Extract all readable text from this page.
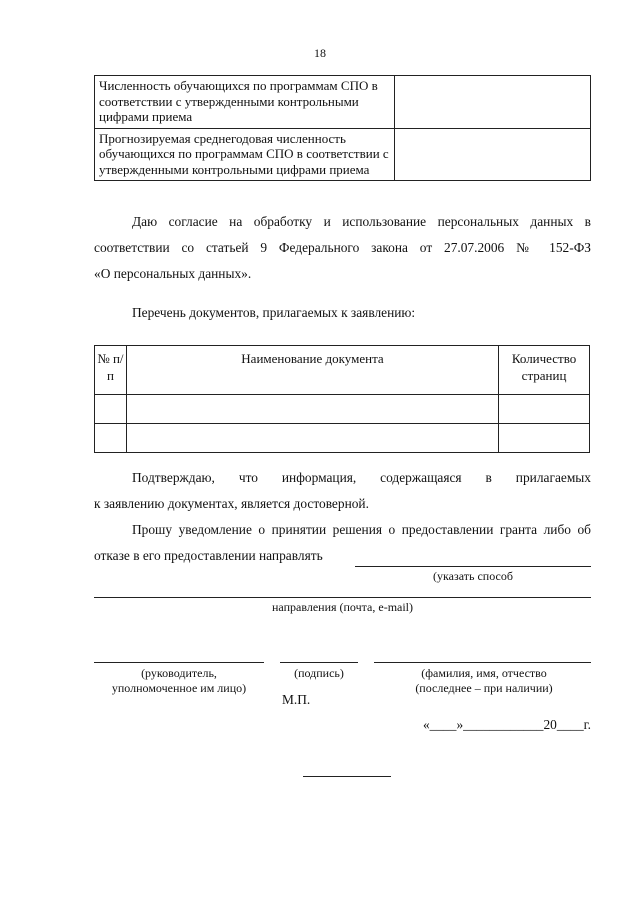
18
Численность обучающихся по программам СПО в соответствии с утвержденными контрольными цифрами приема	
Прогнозируемая среднегодовая численность обучающихся по программам СПО в соответствии с утвержденными контрольными цифрами приема	
Даю согласие на обработку и использование персональных данных в
соответствии со статьей 9 Федерального закона от 27.07.2006 № 152-ФЗ
«О персональных данных».
Перечень документов, прилагаемых к заявлению:
№ п/п	Наименование документа	Количество страниц

Подтверждаю, что информация, содержащаяся в прилагаемых
к заявлению документах, является достоверной.
Прошу уведомление о принятии решения о предоставлении гранта либо об
отказе в его предоставлении направлять
(указать способ
направления (почта, e-mail)
(руководитель, уполномоченное им лицо)
(подпись)	(фамилия, имя, отчество (последнее – при наличии)
М.П.
«____»____________20____г.
